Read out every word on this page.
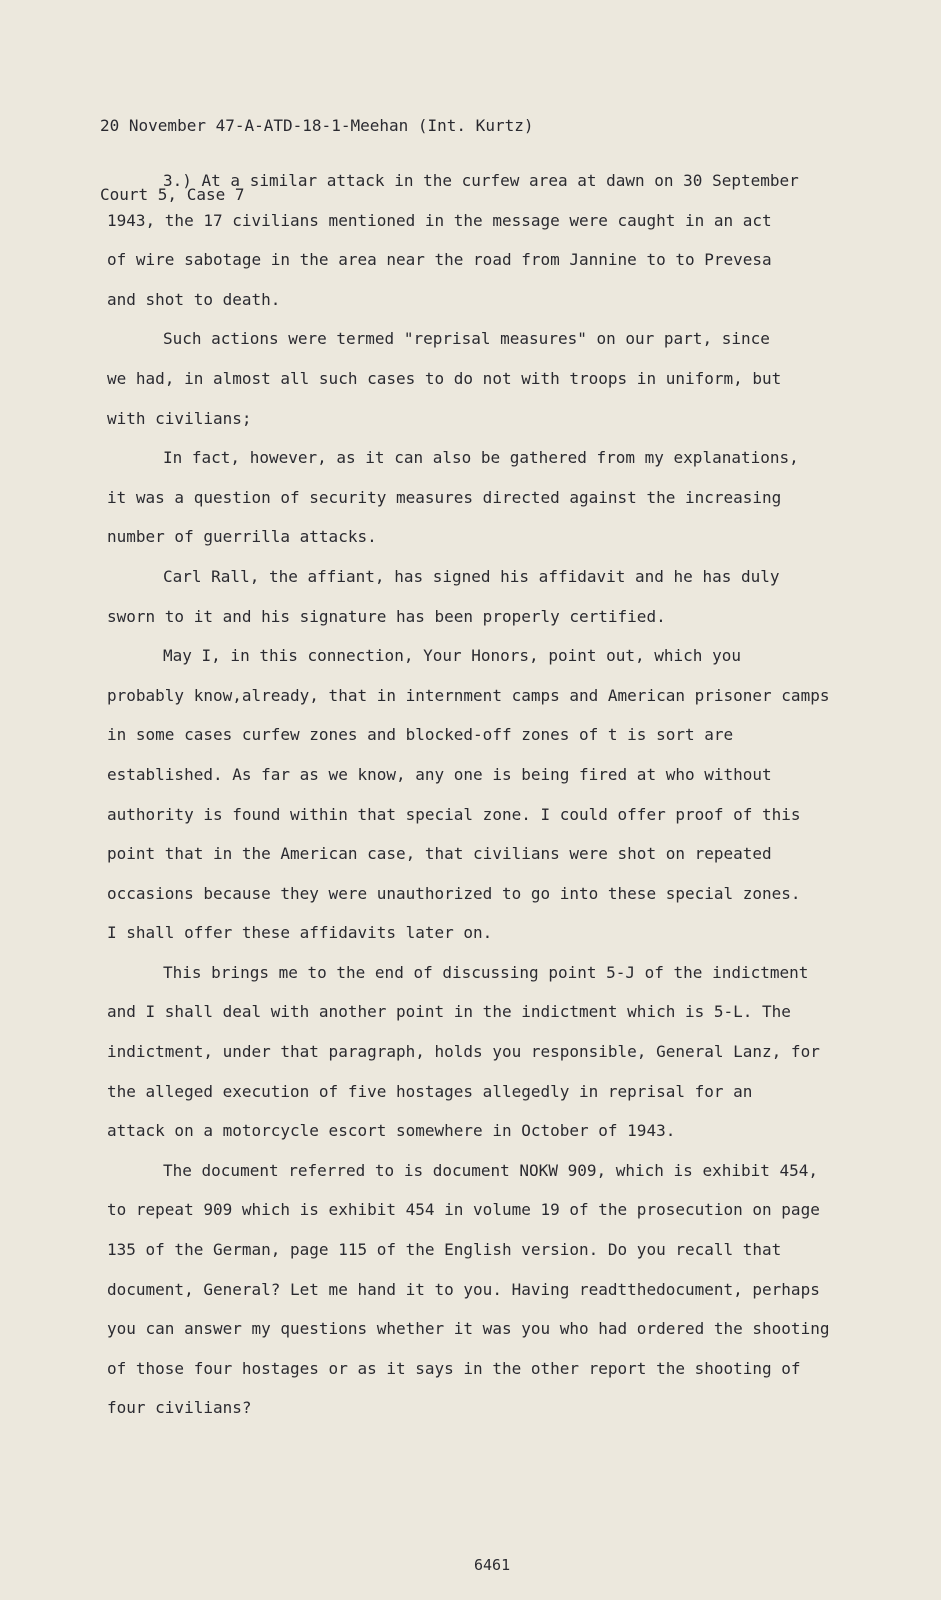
20 November 47-A-ATD-18-1-Meehan (Int. Kurtz)

Court 5, Case 7

3.) At a similar attack in the curfew area at dawn on 30 September
1943, the 17 civilians mentioned in the message were caught in an act
of wire sabotage in the area near the road from Jannine to to Prevesa
and shot to death.
Such actions were termed "reprisal measures" on our part, since
we had, in almost all such cases to do not with troops in uniform, but
with civilians;
In fact, however, as it can also be gathered from my explanations,
it was a question of security measures directed against the increasing
number of guerrilla attacks.
Carl Rall, the affiant, has signed his affidavit and he has duly
sworn to it and his signature has been properly certified.
May I, in this connection, Your Honors, point out, which you
probably know,already, that in internment camps and American prisoner camps
in some cases curfew zones and blocked-off zones of t is sort are
established. As far as we know, any one is being fired at who without
authority is found within that special zone. I could offer proof of this
point that in the American case, that civilians were shot on repeated
occasions because they were unauthorized to go into these special zones.
I shall offer these affidavits later on.
This brings me to the end of discussing point 5-J of the indictment
and I shall deal with another point in the indictment which is 5-L. The
indictment, under that paragraph, holds you responsible, General Lanz, for
the alleged execution of five hostages allegedly in reprisal for an
attack on a motorcycle escort somewhere in October of 1943.
The document referred to is document NOKW 909, which is exhibit 454,
to repeat 909 which is exhibit 454 in volume 19 of the prosecution on page
135 of the German, page 115 of the English version. Do you recall that
document, General? Let me hand it to you. Having readtthedocument, perhaps
you can answer my questions whether it was you who had ordered the shooting
of those four hostages or as it says in the other report the shooting of
four civilians?
6461
